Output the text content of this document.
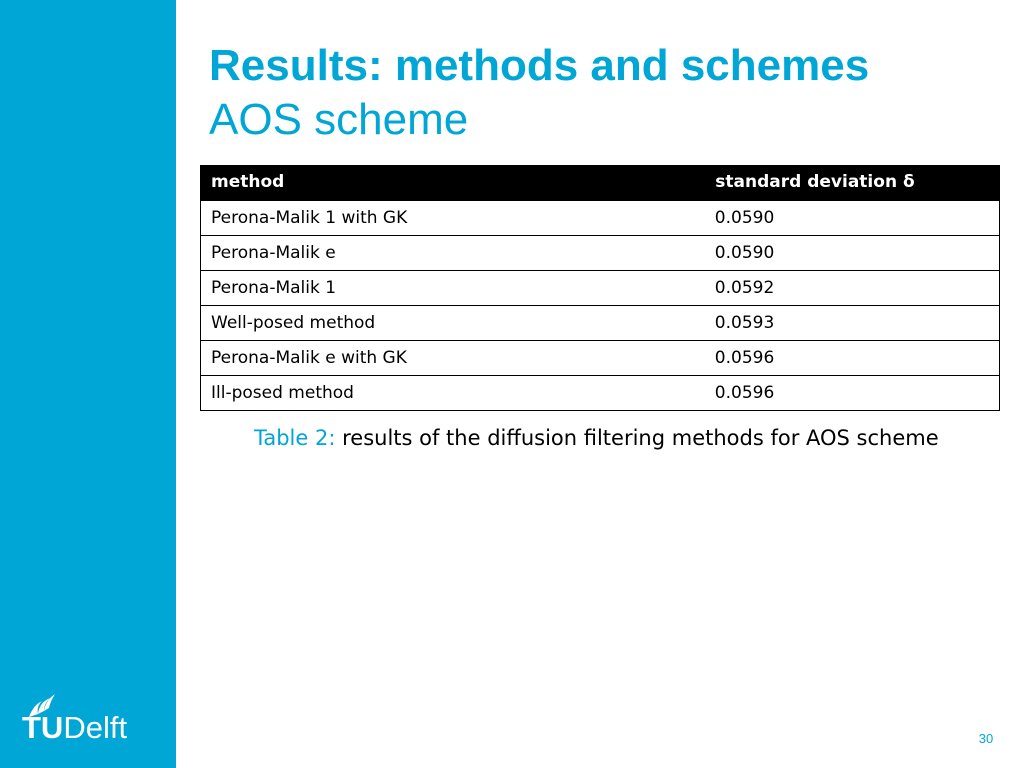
TUDelft
Results: methods and schemes
AOS scheme
method	standard deviation δ
Perona-Malik 1 with GK	0.0590
Perona-Malik e	0.0590
Perona-Malik 1	0.0592
Well-posed method	0.0593
Perona-Malik e with GK	0.0596
Ill-posed method	0.0596

Table 2: results of the diffusion filtering methods for AOS scheme

30
